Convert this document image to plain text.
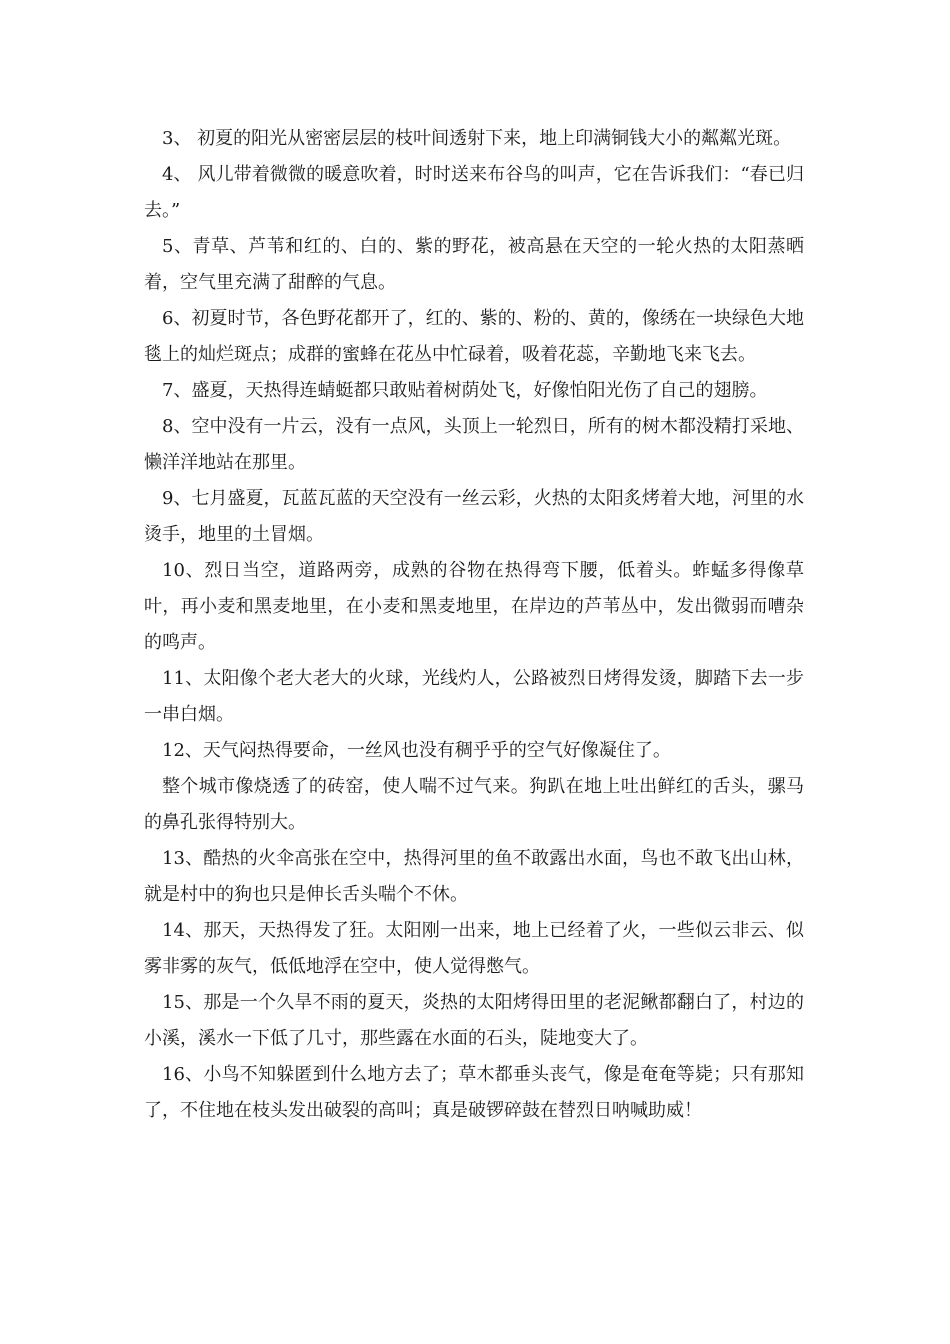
3、 初夏的阳光从密密层层的枝叶间透射下来，地上印满铜钱大小的粼粼光斑。

4、 风儿带着微微的暖意吹着，时时送来布谷鸟的叫声，它在告诉我们：“春已归去。”

5、青草、芦苇和红的、白的、紫的野花，被高悬在天空的一轮火热的太阳蒸晒着，空气里充满了甜醉的气息。

6、初夏时节，各色野花都开了，红的、紫的、粉的、黄的，像绣在一块绿色大地毯上的灿烂斑点；成群的蜜蜂在花丛中忙碌着，吸着花蕊，辛勤地飞来飞去。

7、盛夏，天热得连蜻蜓都只敢贴着树荫处飞，好像怕阳光伤了自己的翅膀。

8、空中没有一片云，没有一点风，头顶上一轮烈日，所有的树木都没精打采地、懒洋洋地站在那里。

9、七月盛夏，瓦蓝瓦蓝的天空没有一丝云彩，火热的太阳炙烤着大地，河里的水烫手，地里的土冒烟。

10、烈日当空，道路两旁，成熟的谷物在热得弯下腰，低着头。蚱蜢多得像草叶，再小麦和黑麦地里，在小麦和黑麦地里，在岸边的芦苇丛中，发出微弱而嘈杂的鸣声。

11、太阳像个老大老大的火球，光线灼人，公路被烈日烤得发烫，脚踏下去一步一串白烟。

12、天气闷热得要命，一丝风也没有稠乎乎的空气好像凝住了。

整个城市像烧透了的砖窑，使人喘不过气来。狗趴在地上吐出鲜红的舌头，骡马的鼻孔张得特别大。

13、酷热的火伞高张在空中，热得河里的鱼不敢露出水面，鸟也不敢飞出山林，就是村中的狗也只是伸长舌头喘个不休。

14、那天，天热得发了狂。太阳刚一出来，地上已经着了火，一些似云非云、似雾非雾的灰气，低低地浮在空中，使人觉得憋气。

15、那是一个久旱不雨的夏天，炎热的太阳烤得田里的老泥鳅都翻白了，村边的小溪，溪水一下低了几寸，那些露在水面的石头，陡地变大了。

16、小鸟不知躲匿到什么地方去了；草木都垂头丧气，像是奄奄等毙；只有那知了，不住地在枝头发出破裂的高叫；真是破锣碎鼓在替烈日呐喊助威！
